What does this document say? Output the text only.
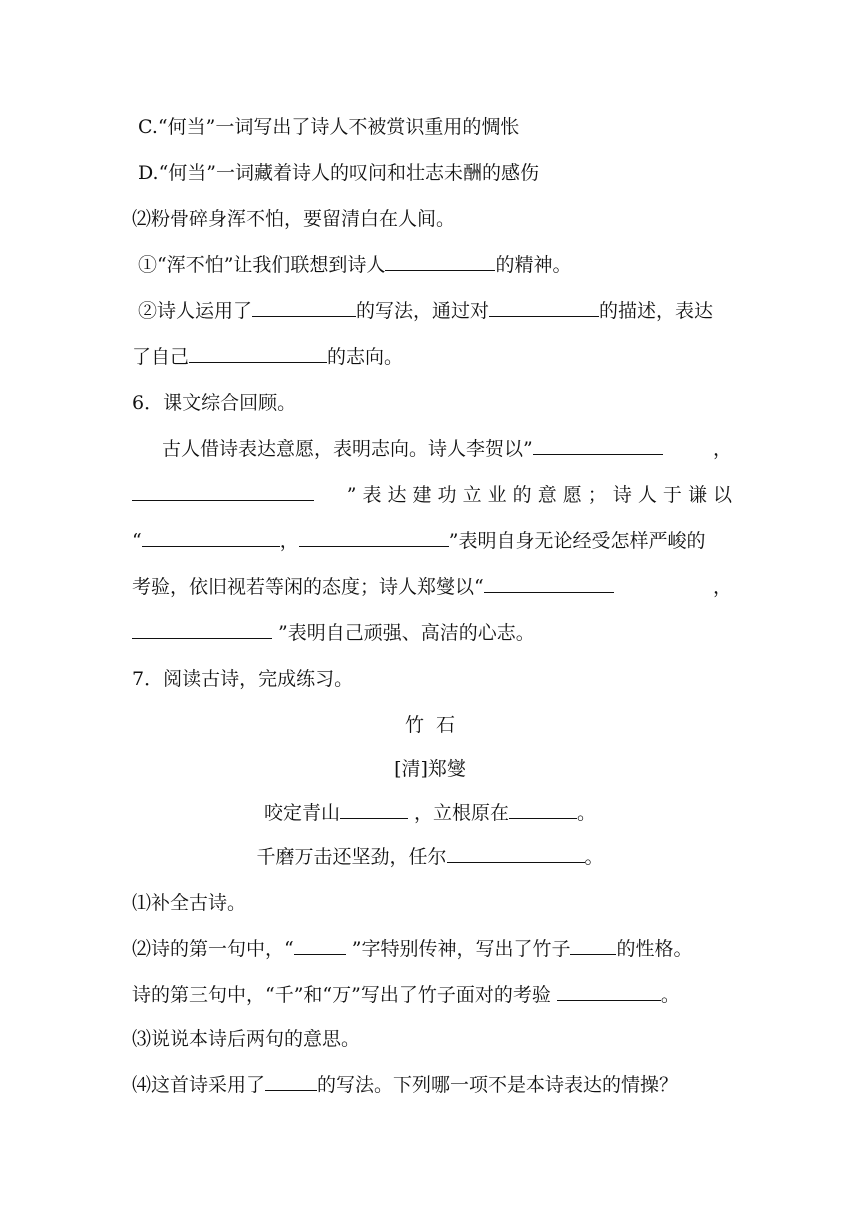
C.“何当”一词写出了诗人不被赏识重用的惆怅
D.“何当”一词藏着诗人的叹问和壮志未酬的感伤
⑵粉骨碎身浑不怕，要留清白在人间。
①“浑不怕”让我们联想到诗人	的精神。
②诗人运用了	的写法，通过对	的描述，表达
了自己	的志向。
6．课文综合回顾。
古人借诗表达意愿，表明志向。诗人李贺以”	，
” 表 达 建 功 立 业 的 意 愿 ； 诗 人 于 谦 以
“	，	”表明自身无论经受怎样严峻的
考验，依旧视若等闲的态度；诗人郑燮以“	，
”表明自己顽强、高洁的心志。
7．阅读古诗，完成练习。
竹  石
[清]郑燮
咬定青山	，立根原在	。
千磨万击还坚劲，任尔	。
⑴补全古诗。
⑵诗的第一句中，“	”字特别传神，写出了竹子 的性格。
诗的第三句中，“千”和“万”写出了竹子面对的考验	。
⑶说说本诗后两句的意思。
⑷这首诗采用了	的写法。下列哪一项不是本诗表达的情操？
